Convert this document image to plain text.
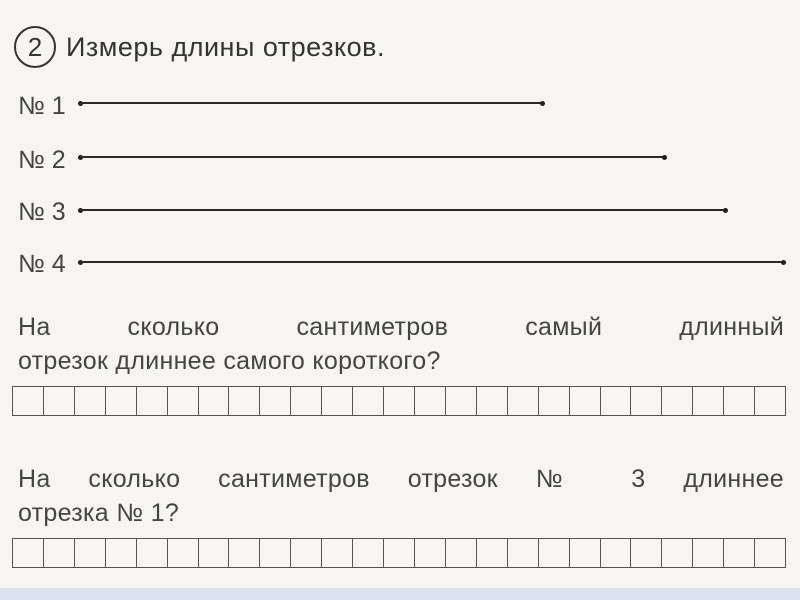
2 Измерь длины отрезков.
№ 1
№ 2
№ 3
№ 4
На сколько сантиметров самый длинный
отрезок длиннее самого короткого?
На сколько сантиметров отрезок № 3 длиннее
отрезка № 1?
